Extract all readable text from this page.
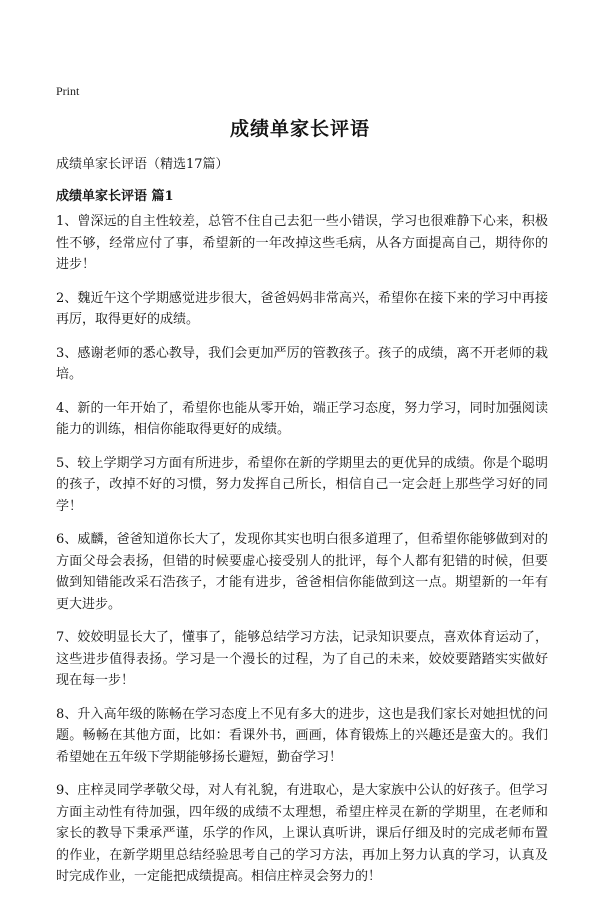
Print
成绩单家长评语
成绩单家长评语（精选17篇）
成绩单家长评语 篇1

1、曾深远的自主性较差，总管不住自己去犯一些小错误，学习也很难静下心来，积极性不够，经常应付了事，希望新的一年改掉这些毛病，从各方面提高自己，期待你的进步！

2、魏近午这个学期感觉进步很大，爸爸妈妈非常高兴，希望你在接下来的学习中再接再厉，取得更好的成绩。

3、感谢老师的悉心教导，我们会更加严厉的管教孩子。孩子的成绩，离不开老师的栽培。

4、新的一年开始了，希望你也能从零开始，端正学习态度，努力学习，同时加强阅读能力的训练，相信你能取得更好的成绩。

5、较上学期学习方面有所进步，希望你在新的学期里去的更优异的成绩。你是个聪明的孩子，改掉不好的习惯，努力发挥自己所长，相信自己一定会赶上那些学习好的同学！

6、威麟，爸爸知道你长大了，发现你其实也明白很多道理了，但希望你能够做到对的方面父母会表扬，但错的时候要虚心接受别人的批评，每个人都有犯错的时候，但要做到知错能改采石浩孩子，才能有进步，爸爸相信你能做到这一点。期望新的一年有更大进步。

7、姣姣明显长大了，懂事了，能够总结学习方法，记录知识要点，喜欢体育运动了，这些进步值得表扬。学习是一个漫长的过程，为了自己的未来，姣姣要踏踏实实做好现在每一步！

8、升入高年级的陈畅在学习态度上不见有多大的进步，这也是我们家长对她担忧的问题。畅畅在其他方面，比如：看课外书，画画，体育锻炼上的兴趣还是蛮大的。我们希望她在五年级下学期能够扬长避短，勤奋学习！

9、庄梓灵同学孝敬父母，对人有礼貌，有进取心，是大家族中公认的好孩子。但学习方面主动性有待加强，四年级的成绩不太理想，希望庄梓灵在新的学期里，在老师和家长的教导下秉承严谨，乐学的作风，上课认真听讲，课后仔细及时的完成老师布置的作业，在新学期里总结经验思考自己的学习方法，再加上努力认真的学习，认真及时完成作业，一定能把成绩提高。相信庄梓灵会努力的！
